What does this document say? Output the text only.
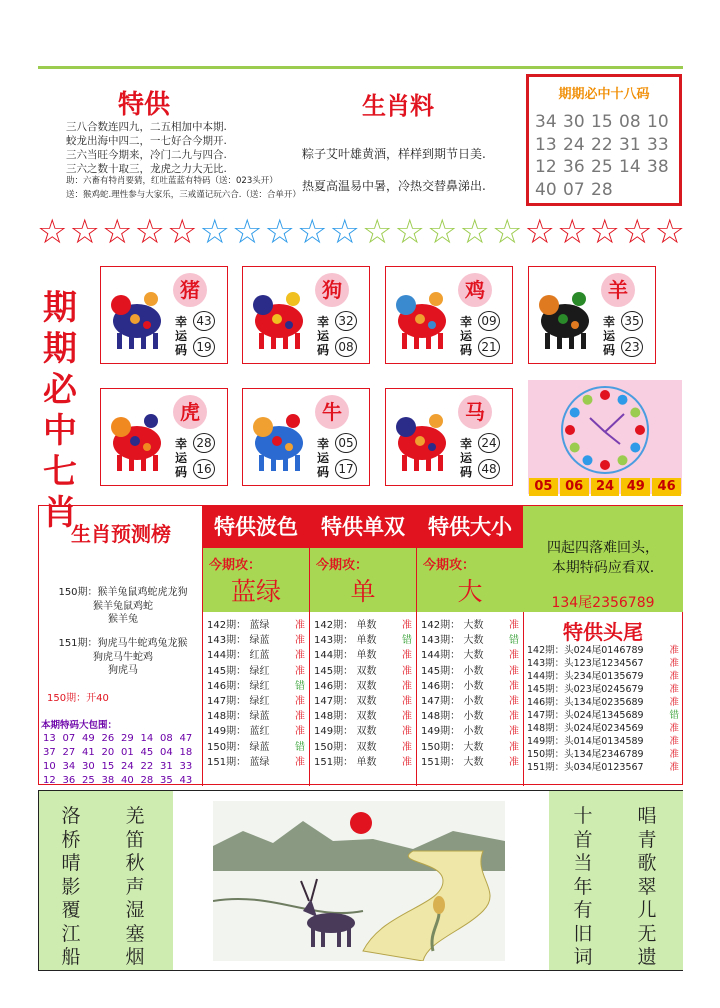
特供
三八合数连四九，二五相加中本期.
蛟龙出海中四二，一七好合今期开.
三六当旺今期来，冷门二九与四合.
三六之数十取三，龙虎之力大无比.
助：六畜有特肖要猜，红吐蓝蓝有特码（送：023头开）
送：猴鸡蛇.理性参与大家乐，三戒谨记玩六合.（送：合单开）
生肖料
粽子艾叶雄黄酒，样样到期节日美.
热夏高温易中暑，冷热交替鼻涕出.
期期必中十八码
34 30 15 08 10
13 24 22 31 33
12 36 25 14 38
40 07 28
☆ ☆ ☆ ☆ ☆ ☆ ☆ ☆ ☆ ☆ ☆ ☆ ☆ ☆ ☆ ☆ ☆ ☆ ☆ ☆
期
期
必
中
七
肖
猪
幸
运
码
43
19
狗
幸
运
码
32
08
鸡
幸
运
码
09
21
羊
幸
运
码
35
23
虎
幸
运
码
28
16
牛
幸
运
码
05
17
马
幸
运
码
24
48
05 06 24 49 46
生肖预测榜
150期：猴羊兔鼠鸡蛇虎龙狗
猴羊兔鼠鸡蛇
猴羊兔
151期：狗虎马牛蛇鸡兔龙猴
狗虎马牛蛇鸡
狗虎马
150期：开40
本期特码大包围：
13 07 49 26 29 14 08 47
37 27 41 20 01 45 04 18
10 34 30 15 24 22 31 33
12 36 25 38 40 28 35 43
特供波色
今期攻：
蓝绿
142期： 蓝绿	准
143期： 绿蓝	准
144期： 红蓝	准
145期： 绿红	准
146期： 绿红	错
147期： 绿红	准
148期： 绿蓝	准
149期： 蓝红	准
150期： 绿蓝	错
151期： 蓝绿	准
特供单双
今期攻：
单
142期： 单数	准
143期： 单数	错
144期： 单数	准
145期： 双数	准
146期： 双数	准
147期： 双数	准
148期： 双数	准
149期： 双数	准
150期： 双数	准
151期： 单数	准
特供大小
今期攻：
大
142期： 大数	准
143期： 大数	错
144期： 大数	准
145期： 小数	准
146期： 小数	准
147期： 小数	准
148期： 小数	准
149期： 小数	准
150期： 大数	准
151期： 大数	准
四起四落难回头，
本期特码应看双.
134尾2356789
特供头尾
142期：头024尾0146789	准
143期：头123尾1234567	准
144期：头234尾0135679	准
145期：头023尾0245679	准
146期：头134尾0235689	准
147期：头024尾1345689	错
148期：头024尾0234569	准
149期：头014尾0134589	准
150期：头134尾2346789	准
151期：头034尾0123567	准
洛
桥
晴
影
覆
江
船
羌
笛
秋
声
湿
塞
烟
十
首
当
年
有
旧
词
唱
青
歌
翠
儿
无
遗
